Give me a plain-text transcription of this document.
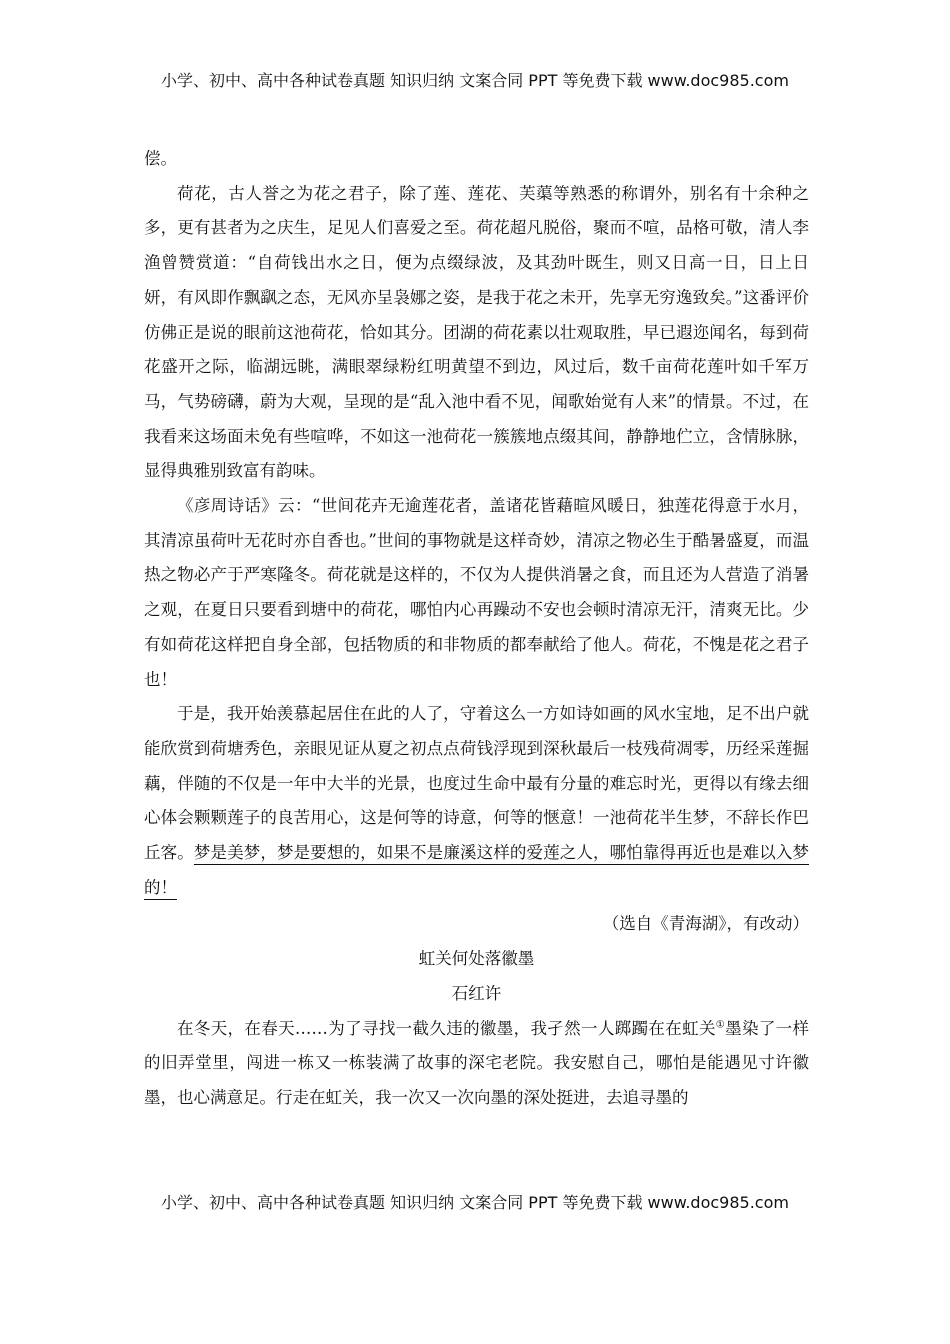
小学、初中、高中各种试卷真题 知识归纳 文案合同 PPT 等免费下载 www.doc985.com

偿。

荷花，古人誉之为花之君子，除了莲、莲花、芙蕖等熟悉的称谓外，别名有十余种之多，更有甚者为之庆生，足见人们喜爱之至。荷花超凡脱俗，聚而不喧，品格可敬，清人李渔曾赞赏道：“自荷钱出水之日，便为点缀绿波，及其劲叶既生，则又日高一日，日上日妍，有风即作飘飖之态，无风亦呈袅娜之姿，是我于花之未开，先享无穷逸致矣。”这番评价仿佛正是说的眼前这池荷花，恰如其分。团湖的荷花素以壮观取胜，早已遐迩闻名，每到荷花盛开之际，临湖远眺，满眼翠绿粉红明黄望不到边，风过后，数千亩荷花莲叶如千军万马，气势磅礴，蔚为大观，呈现的是“乱入池中看不见，闻歌始觉有人来”的情景。不过，在我看来这场面未免有些喧哗，不如这一池荷花一簇簇地点缀其间，静静地伫立，含情脉脉，显得典雅别致富有韵味。

《彦周诗话》云：“世间花卉无逾莲花者，盖诸花皆藉暄风暖日，独莲花得意于水月，其清凉虽荷叶无花时亦自香也。”世间的事物就是这样奇妙，清凉之物必生于酷暑盛夏，而温热之物必产于严寒隆冬。荷花就是这样的，不仅为人提供消暑之食，而且还为人营造了消暑之观，在夏日只要看到塘中的荷花，哪怕内心再躁动不安也会顿时清凉无汗，清爽无比。少有如荷花这样把自身全部，包括物质的和非物质的都奉献给了他人。荷花，不愧是花之君子也！

于是，我开始羡慕起居住在此的人了，守着这么一方如诗如画的风水宝地，足不出户就能欣赏到荷塘秀色，亲眼见证从夏之初点点荷钱浮现到深秋最后一枝残荷凋零，历经采莲掘藕，伴随的不仅是一年中大半的光景，也度过生命中最有分量的难忘时光，更得以有缘去细心体会颗颗莲子的良苦用心，这是何等的诗意，何等的惬意！一池荷花半生梦，不辞长作巴丘客。梦是美梦，梦是要想的，如果不是廉溪这样的爱莲之人，哪怕靠得再近也是难以入梦的！

（选自《青海湖》，有改动）

虹关何处落徽墨

石红许

在冬天，在春天……为了寻找一截久违的徽墨，我孑然一人踯躅在在虹关①墨染了一样的旧弄堂里，闯进一栋又一栋装满了故事的深宅老院。我安慰自己，哪怕是能遇见寸许徽墨，也心满意足。行走在虹关，我一次又一次向墨的深处挺进，去追寻墨的

小学、初中、高中各种试卷真题 知识归纳 文案合同 PPT 等免费下载 www.doc985.com
